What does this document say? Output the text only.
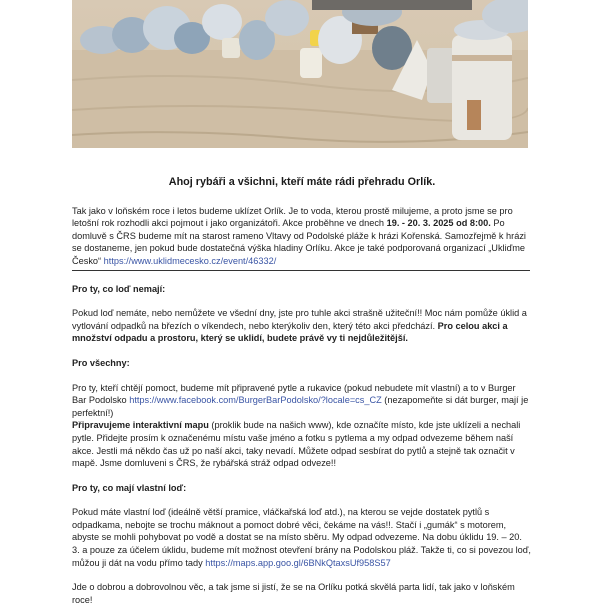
Ahoj rybáři a všichni, kteří máte rádi přehradu Orlík.

Tak jako v loňském roce i letos budeme uklízet Orlík. Je to voda, kterou prostě milujeme, a proto jsme se pro letošní rok rozhodli akci pojmout i jako organizátoři. Akce proběhne ve dnech 19. - 20. 3. 2025 od 8:00. Po domluvě s ČRS budeme mít na starost rameno Vltavy od Podolské pláže k hrázi Kořenská. Samozřejmě k hrázi se dostaneme, jen pokud bude dostatečná výška hladiny Orlíku. Akce je také podporovaná organizací „Ukliďme Česko“ https://www.uklidmecesko.cz/event/46332/

Pro ty, co loď nemají:

Pokud loď nemáte, nebo nemůžete ve všední dny, jste pro tuhle akci strašně užiteční!! Moc nám pomůže úklid a vytlování odpadků na březích o víkendech, nebo kterýkoliv den, který této akci předchází. Pro celou akci a množství odpadu a prostoru, který se uklidí, budete právě vy ti nejdůležitější.

Pro všechny:

Pro ty, kteří chtějí pomoct, budeme mít připravené pytle a rukavice (pokud nebudete mít vlastní) a to v Burger Bar Podolsko https://www.facebook.com/BurgerBarPodolsko/?locale=cs_CZ (nezapomeňte si dát burger, mají je perfektní!)
Připravujeme interaktivní mapu (proklik bude na našich www), kde označíte místo, kde jste uklízeli a nechali pytle. Přidejte prosím k označenému místu vaše jméno a fotku s pytlema a my odpad odvezeme během naší akce. Jestli má někdo čas už po naší akci, taky nevadí. Můžete odpad sesbírat do pytlů a stejně tak označit v mapě. Jsme domluveni s ČRS, že rybářská stráž odpad odveze!!

Pro ty, co mají vlastní loď:

Pokud máte vlastní loď (ideálně větší pramice, vláčkařská loď atd.), na kterou se vejde dostatek pytlů s odpadkama, nebojte se trochu máknout a pomoct dobré věci, čekáme na vás!!. Stačí i „gumák“ s motorem, abyste se mohli pohybovat po vodě a dostat se na místo sběru. My odpad odvezeme. Na dobu úklidu 19. – 20. 3. a pouze za účelem úklidu, budeme mít možnost otevření brány na Podolskou pláž. Takže ti, co si povezou loď, můžou ji dát na vodu přímo tady https://maps.app.goo.gl/6BNkQtaxsUf958S57

Jde o dobrou a dobrovolnou věc, a tak jsme si jistí, že se na Orlíku potká skvělá parta lidí, tak jako v loňském roce!
